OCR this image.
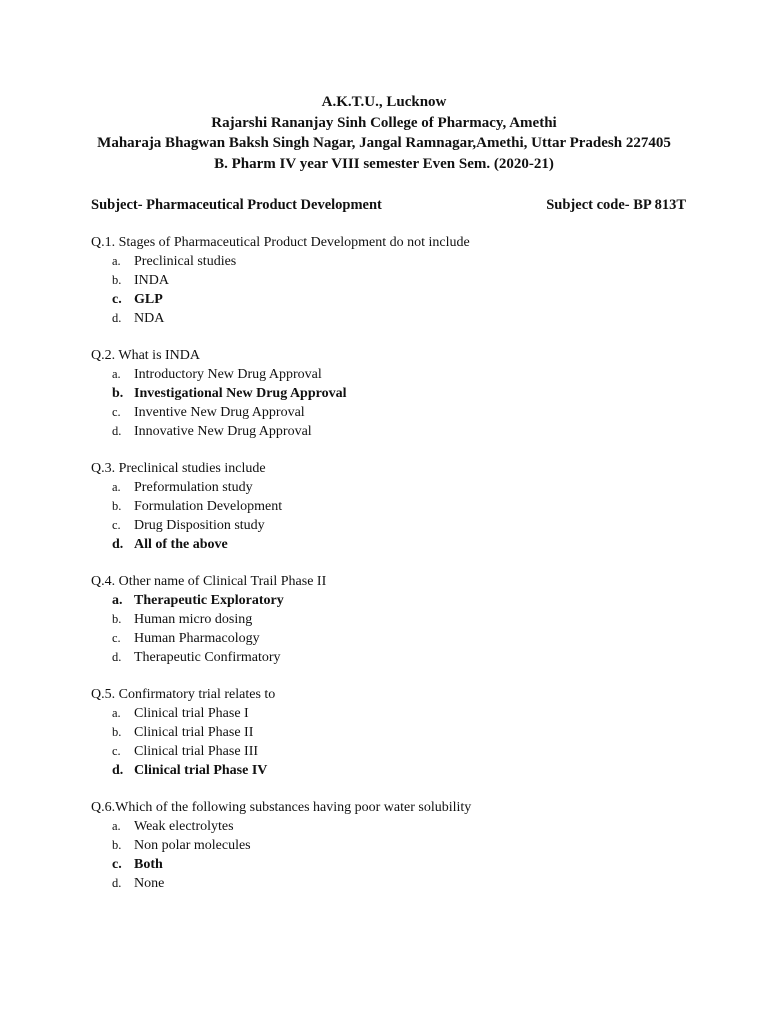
A.K.T.U., Lucknow
Rajarshi Rananjay Sinh College of Pharmacy, Amethi
Maharaja Bhagwan Baksh Singh Nagar, Jangal Ramnagar,Amethi, Uttar Pradesh 227405
B. Pharm IV year VIII semester Even Sem. (2020-21)
Subject- Pharmaceutical Product Development	Subject code- BP 813T
Q.1. Stages of Pharmaceutical Product Development do not include
a. Preclinical studies
b. INDA
c. GLP
d. NDA
Q.2. What is INDA
a. Introductory New Drug Approval
b. Investigational New Drug Approval
c. Inventive New Drug Approval
d. Innovative New Drug Approval
Q.3. Preclinical studies include
a. Preformulation study
b. Formulation Development
c. Drug Disposition study
d. All of the above
Q.4. Other name of Clinical Trail Phase II
a. Therapeutic Exploratory
b. Human micro dosing
c. Human Pharmacology
d. Therapeutic Confirmatory
Q.5. Confirmatory trial relates to
a. Clinical trial Phase I
b. Clinical trial Phase II
c. Clinical trial Phase III
d. Clinical trial Phase IV
Q.6.Which of the following substances having poor water solubility
a. Weak electrolytes
b. Non polar molecules
c. Both
d. None
